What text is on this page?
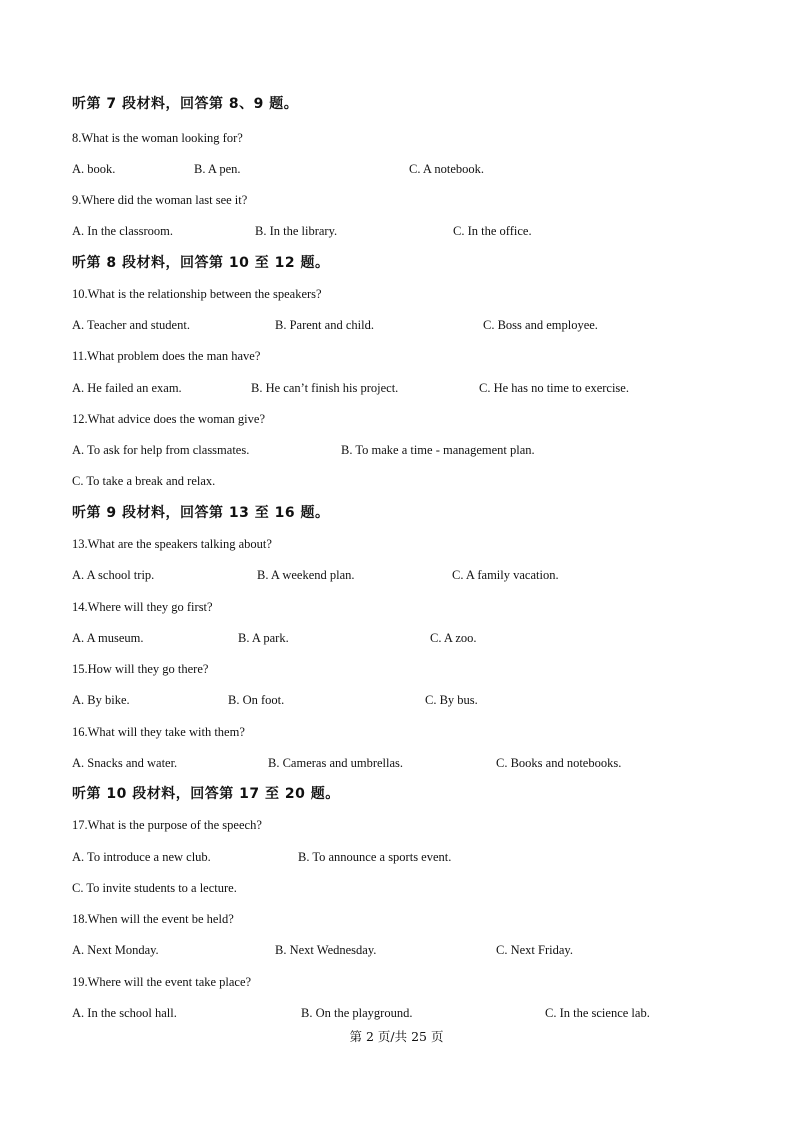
听第 7 段材料，回答第 8、9 题。
8.What is the woman looking for?
A. book.	B. A pen.	C. A notebook.
9.Where did the woman last see it?
A. In the classroom.	B. In the library.	C. In the office.
听第 8 段材料，回答第 10 至 12 题。
10.What is the relationship between the speakers?
A. Teacher and student.	B. Parent and child.	C. Boss and employee.
11.What problem does the man have?
A. He failed an exam.	B. He can’t finish his project.	C. He has no time to exercise.
12.What advice does the woman give?
A. To ask for help from classmates.	B. To make a time - management plan.
C. To take a break and relax.
听第 9 段材料，回答第 13 至 16 题。
13.What are the speakers talking about?
A. A school trip.	B. A weekend plan.	C. A family vacation.
14.Where will they go first?
A. A museum.	B. A park.	C. A zoo.
15.How will they go there?
A. By bike.	B. On foot.	C. By bus.
16.What will they take with them?
A. Snacks and water.	B. Cameras and umbrellas.	C. Books and notebooks.
听第 10 段材料，回答第 17 至 20 题。
17.What is the purpose of the speech?
A. To introduce a new club.	B. To announce a sports event.
C. To invite students to a lecture.
18.When will the event be held?
A. Next Monday.	B. Next Wednesday.	C. Next Friday.
19.Where will the event take place?
A. In the school hall.	B. On the playground.	C. In the science lab.
第 2 页/共 25 页
